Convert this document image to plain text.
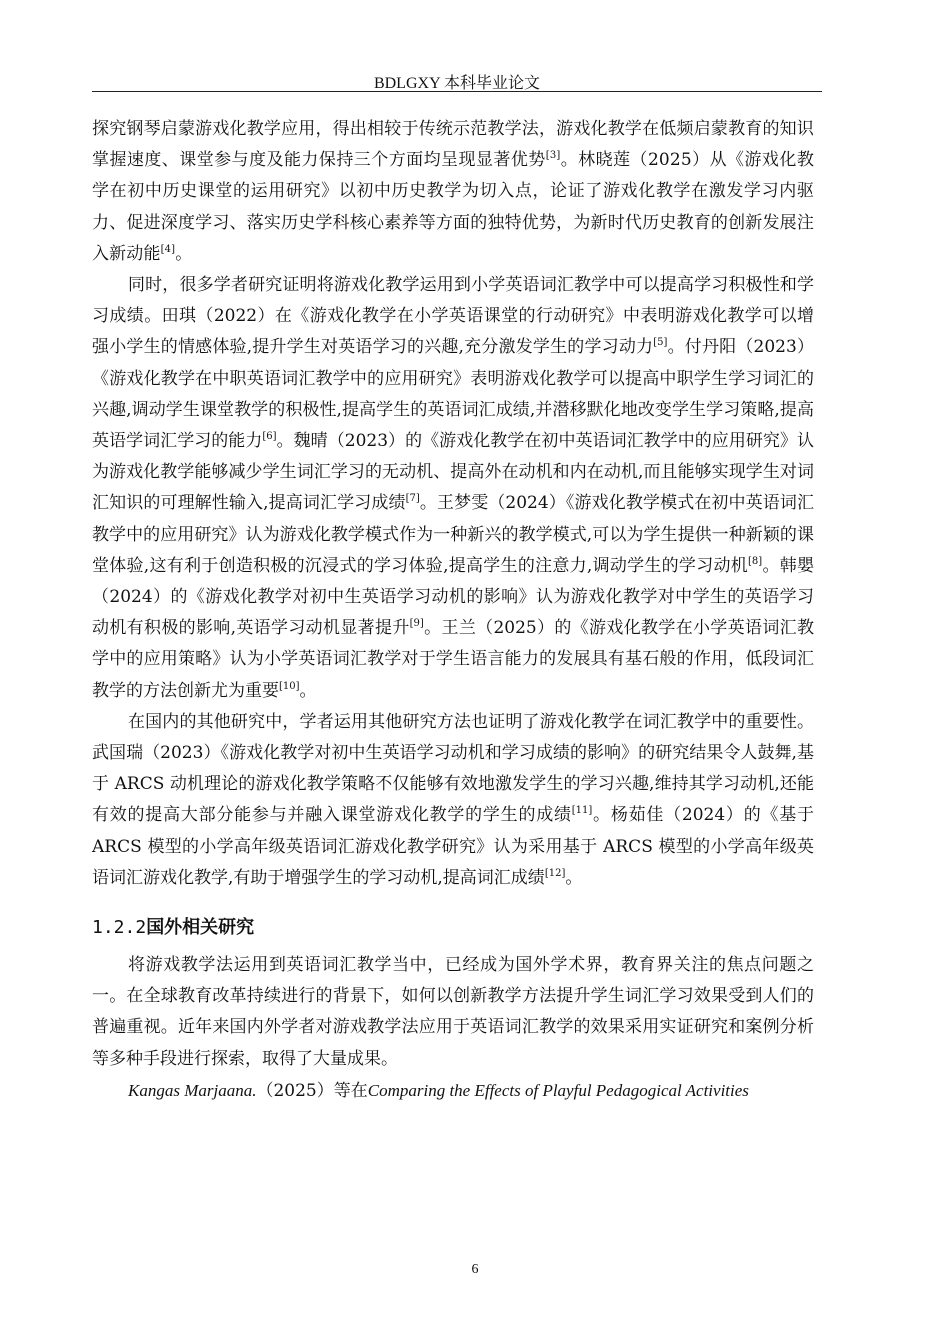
BDLGXY 本科毕业论文

探究钢琴启蒙游戏化教学应用，得出相较于传统示范教学法，游戏化教学在低频启蒙教育的知识掌握速度、课堂参与度及能力保持三个方面均呈现显著优势[3]。林晓莲（2025）从《游戏化教学在初中历史课堂的运用研究》以初中历史教学为切入点，论证了游戏化教学在激发学习内驱力、促进深度学习、落实历史学科核心素养等方面的独特优势，为新时代历史教育的创新发展注入新动能[4]。

同时，很多学者研究证明将游戏化教学运用到小学英语词汇教学中可以提高学习积极性和学习成绩。田琪（2022）在《游戏化教学在小学英语课堂的行动研究》中表明游戏化教学可以增强小学生的情感体验,提升学生对英语学习的兴趣,充分激发学生的学习动力[5]。付丹阳（2023）《游戏化教学在中职英语词汇教学中的应用研究》表明游戏化教学可以提高中职学生学习词汇的兴趣,调动学生课堂教学的积极性,提高学生的英语词汇成绩,并潜移默化地改变学生学习策略,提高英语学词汇学习的能力[6]。魏晴（2023）的《游戏化教学在初中英语词汇教学中的应用研究》认为游戏化教学能够减少学生词汇学习的无动机、提高外在动机和内在动机,而且能够实现学生对词汇知识的可理解性输入,提高词汇学习成绩[7]。王梦雯（2024）《游戏化教学模式在初中英语词汇教学中的应用研究》认为游戏化教学模式作为一种新兴的教学模式,可以为学生提供一种新颖的课堂体验,这有利于创造积极的沉浸式的学习体验,提高学生的注意力,调动学生的学习动机[8]。韩嬰（2024）的《游戏化教学对初中生英语学习动机的影响》认为游戏化教学对中学生的英语学习动机有积极的影响,英语学习动机显著提升[9]。王兰（2025）的《游戏化教学在小学英语词汇教学中的应用策略》认为小学英语词汇教学对于学生语言能力的发展具有基石般的作用，低段词汇教学的方法创新尤为重要[10]。

在国内的其他研究中，学者运用其他研究方法也证明了游戏化教学在词汇教学中的重要性。武国瑞（2023）《游戏化教学对初中生英语学习动机和学习成绩的影响》的研究结果令人鼓舞,基于 ARCS 动机理论的游戏化教学策略不仅能够有效地激发学生的学习兴趣,维持其学习动机,还能有效的提高大部分能参与并融入课堂游戏化教学的学生的成绩[11]。杨茹佳（2024）的《基于 ARCS 模型的小学高年级英语词汇游戏化教学研究》认为采用基于 ARCS 模型的小学高年级英语词汇游戏化教学,有助于增强学生的学习动机,提高词汇成绩[12]。

1.2.2国外相关研究

将游戏教学法运用到英语词汇教学当中，已经成为国外学术界，教育界关注的焦点问题之一。在全球教育改革持续进行的背景下，如何以创新教学方法提升学生词汇学习效果受到人们的普遍重视。近年来国内外学者对游戏教学法应用于英语词汇教学的效果采用实证研究和案例分析等多种手段进行探索，取得了大量成果。

Kangas Marjaana.（2025）等在Comparing the Effects of Playful Pedagogical Activities

6
